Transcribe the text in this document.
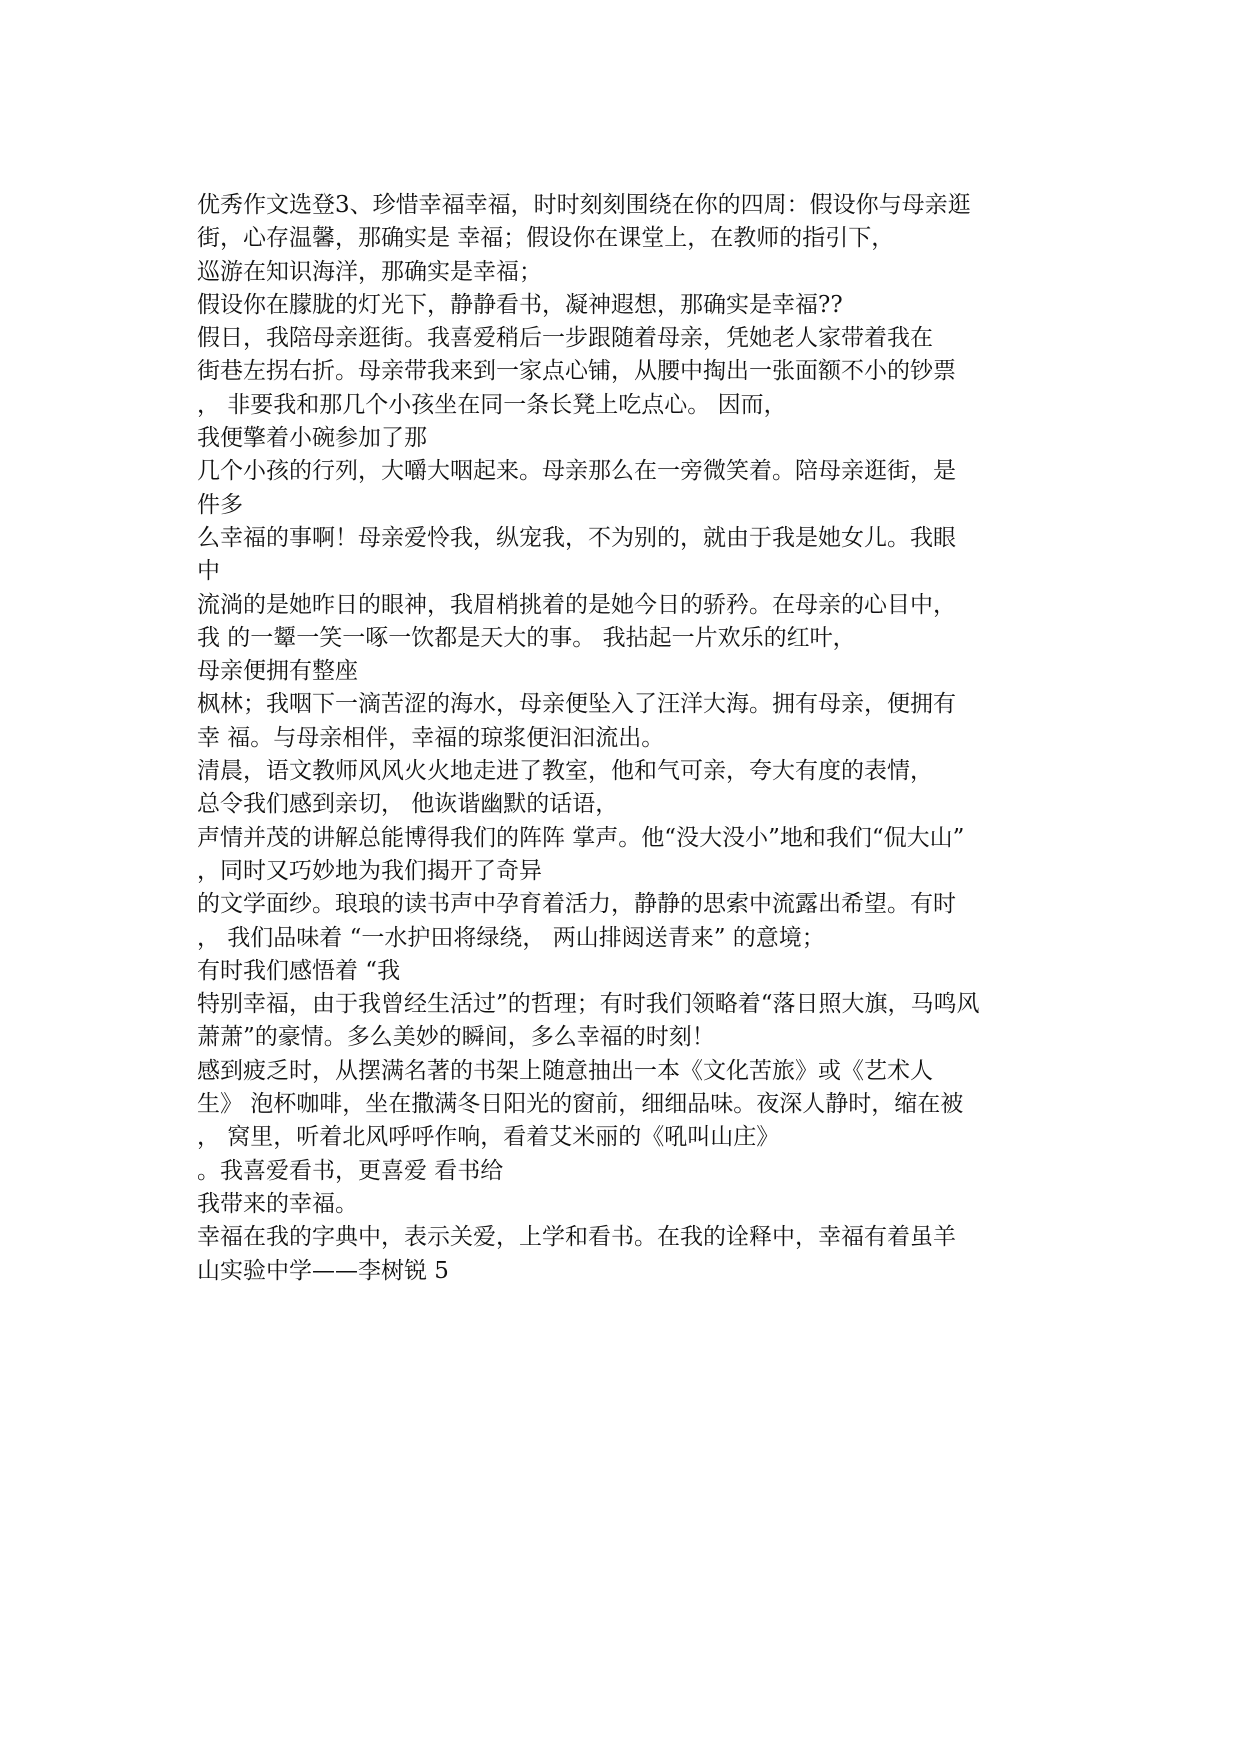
优秀作文选登3、珍惜幸福幸福，时时刻刻围绕在你的四周：假设你与母亲逛
街，心存温馨，那确实是 幸福；假设你在课堂上，在教师的指引下，
巡游在知识海洋，那确实是幸福；
假设你在朦胧的灯光下，静静看书，凝神遐想，那确实是幸福??
假日，我陪母亲逛街。我喜爱稍后一步跟随着母亲，凭她老人家带着我在
街巷左拐右折。母亲带我来到一家点心铺，从腰中掏出一张面额不小的钞票
， 非要我和那几个小孩坐在同一条长凳上吃点心。 因而，
我便擎着小碗参加了那
几个小孩的行列，大嚼大咽起来。母亲那么在一旁微笑着。陪母亲逛街，是
件多
么幸福的事啊！母亲爱怜我，纵宠我，不为别的，就由于我是她女儿。我眼
中
流淌的是她昨日的眼神，我眉梢挑着的是她今日的骄矜。在母亲的心目中，
我 的一颦一笑一啄一饮都是天大的事。 我拈起一片欢乐的红叶，
母亲便拥有整座
枫林；我咽下一滴苦涩的海水，母亲便坠入了汪洋大海。拥有母亲，便拥有
幸 福。与母亲相伴，幸福的琼浆便汩汩流出。
清晨，语文教师风风火火地走进了教室，他和气可亲，夸大有度的表情，
总令我们感到亲切， 他诙谐幽默的话语，
声情并茂的讲解总能博得我们的阵阵 掌声。他“没大没小”地和我们“侃大山”
，同时又巧妙地为我们揭开了奇异
的文学面纱。琅琅的读书声中孕育着活力，静静的思索中流露出希望。有时
， 我们品味着 “一水护田将绿绕， 两山排闼送青来” 的意境；
有时我们感悟着 “我
特别幸福，由于我曾经生活过”的哲理；有时我们领略着“落日照大旗，马鸣风
萧萧”的豪情。多么美妙的瞬间，多么幸福的时刻！
感到疲乏时，从摆满名著的书架上随意抽出一本《文化苦旅》或《艺术人
生》 泡杯咖啡，坐在撒满冬日阳光的窗前，细细品味。夜深人静时，缩在被
， 窝里，听着北风呼呼作响，看着艾米丽的《吼叫山庄》
。我喜爱看书，更喜爱 看书给
我带来的幸福。
幸福在我的字典中，表示关爱，上学和看书。在我的诠释中，幸福有着虽羊
山实验中学——李树锐 5
